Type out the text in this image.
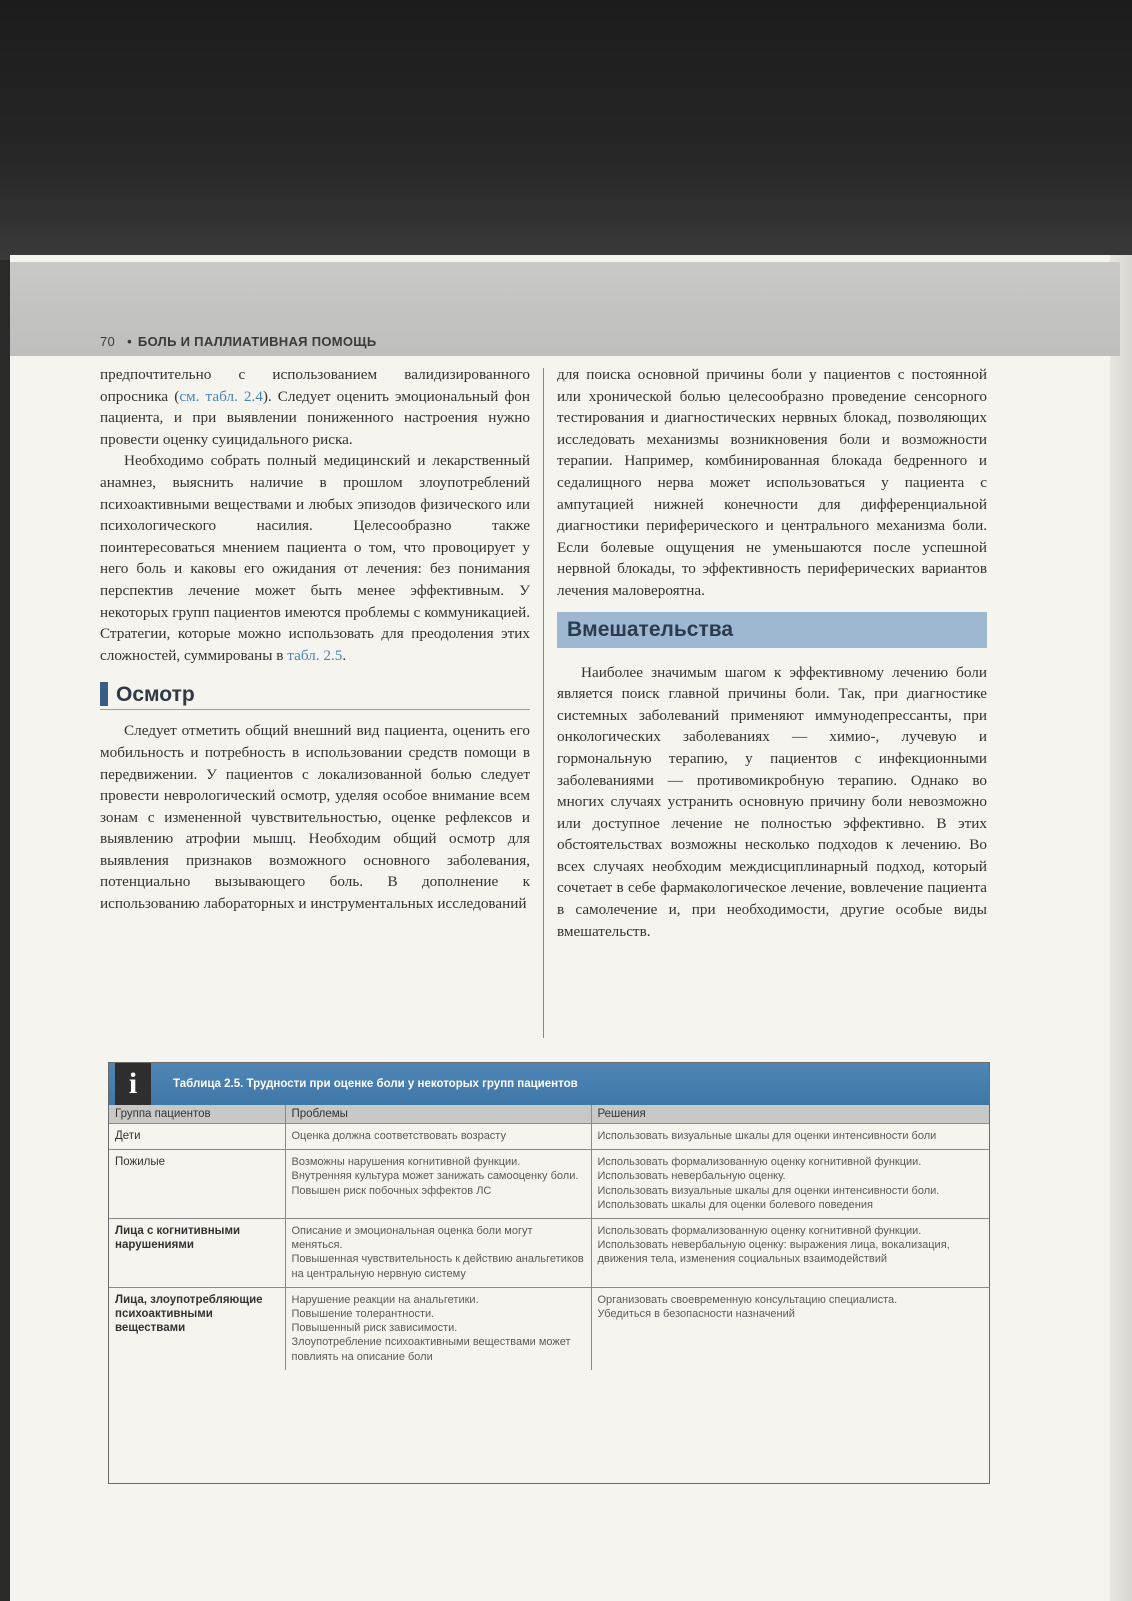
70 • БОЛЬ И ПАЛЛИАТИВНАЯ ПОМОЩЬ

предпочтительно с использованием валидизированного опросника (см. табл. 2.4). Следует оценить эмоциональный фон пациента, и при выявлении пониженного настроения нужно провести оценку суицидального риска.

Необходимо собрать полный медицинский и лекарственный анамнез, выяснить наличие в прошлом злоупотреблений психоактивными веществами и любых эпизодов физического или психологического насилия. Целесообразно также поинтересоваться мнением пациента о том, что провоцирует у него боль и каковы его ожидания от лечения: без понимания перспектив лечение может быть менее эффективным. У некоторых групп пациентов имеются проблемы с коммуникацией. Стратегии, которые можно использовать для преодоления этих сложностей, суммированы в табл. 2.5.

Осмотр

Следует отметить общий внешний вид пациента, оценить его мобильность и потребность в использовании средств помощи в передвижении. У пациентов с локализованной болью следует провести неврологический осмотр, уделяя особое внимание всем зонам с измененной чувствительностью, оценке рефлексов и выявлению атрофии мышц. Необходим общий осмотр для выявления признаков возможного основного заболевания, потенциально вызывающего боль. В дополнение к использованию лабораторных и инструментальных исследований

для поиска основной причины боли у пациентов с постоянной или хронической болью целесообразно проведение сенсорного тестирования и диагностических нервных блокад, позволяющих исследовать механизмы возникновения боли и возможности терапии. Например, комбинированная блокада бедренного и седалищного нерва может использоваться у пациента с ампутацией нижней конечности для дифференциальной диагностики периферического и центрального механизма боли. Если болевые ощущения не уменьшаются после успешной нервной блокады, то эффективность периферических вариантов лечения маловероятна.

Вмешательства

Наиболее значимым шагом к эффективному лечению боли является поиск главной причины боли. Так, при диагностике системных заболеваний применяют иммунодепрессанты, при онкологических заболеваниях — химио-, лучевую и гормональную терапию, у пациентов с инфекционными заболеваниями — противомикробную терапию. Однако во многих случаях устранить основную причину боли невозможно или доступное лечение не полностью эффективно. В этих обстоятельствах возможны несколько подходов к лечению. Во всех случаях необходим междисциплинарный подход, который сочетает в себе фармакологическое лечение, вовлечение пациента в самолечение и, при необходимости, другие особые виды вмешательств.

i	Таблица 2.5. Трудности при оценке боли у некоторых групп пациентов
Группа пациентов	Проблемы	Решения
Дети	Оценка должна соответствовать возрасту	Использовать визуальные шкалы для оценки интенсивности боли

Пожилые	Возможны нарушения когнитивной функции.
Внутренняя культура может занижать самооценку боли.
Повышен риск побочных эффектов ЛС	Использовать формализованную оценку когнитивной функции.
Использовать невербальную оценку.
Использовать визуальные шкалы для оценки интенсивности боли.
Использовать шкалы для оценки болевого поведения

Лица с когнитивными нарушениями	Описание и эмоциональная оценка боли могут меняться.
Повышенная чувствительность к действию анальгетиков на центральную нервную систему	Использовать формализованную оценку когнитивной функции.
Использовать невербальную оценку: выражения лица, вокализация, движения тела, изменения социальных взаимодействий

Лица, злоупотребляющие психоактивными веществами	Нарушение реакции на анальгетики.
Повышение толерантности.
Повышенный риск зависимости.
Злоупотребление психоактивными веществами может повлиять на описание боли	Организовать своевременную консультацию специалиста.
Убедиться в безопасности назначений
